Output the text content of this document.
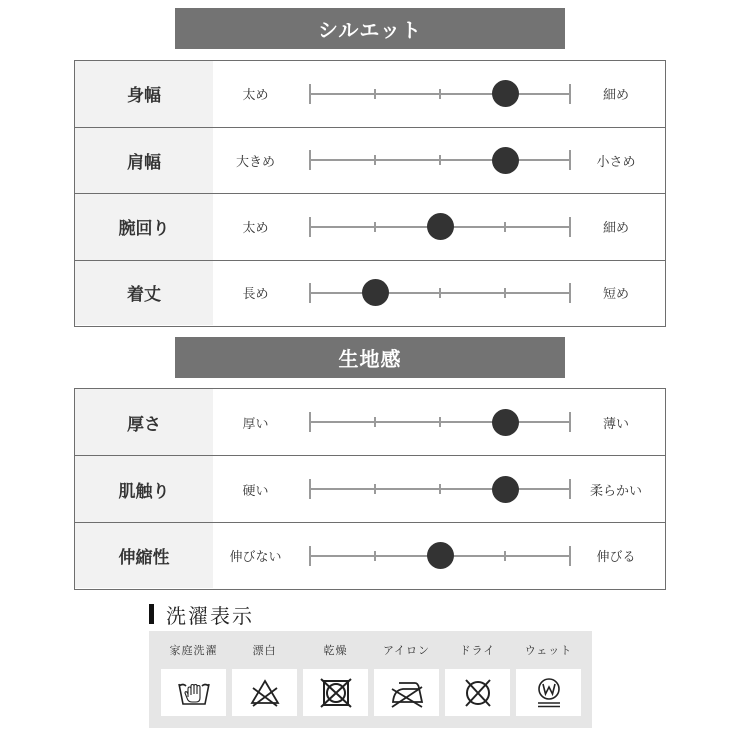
シルエット
身幅	太め	細め
肩幅	大きめ	小さめ
腕回り	太め	細め
着丈	長め	短め
生地感
厚さ	厚い	薄い
肌触り	硬い	柔らかい
伸縮性	伸びない	伸びる
洗濯表示
家庭洗濯	漂白	乾燥	アイロン	ドライ	ウェット
